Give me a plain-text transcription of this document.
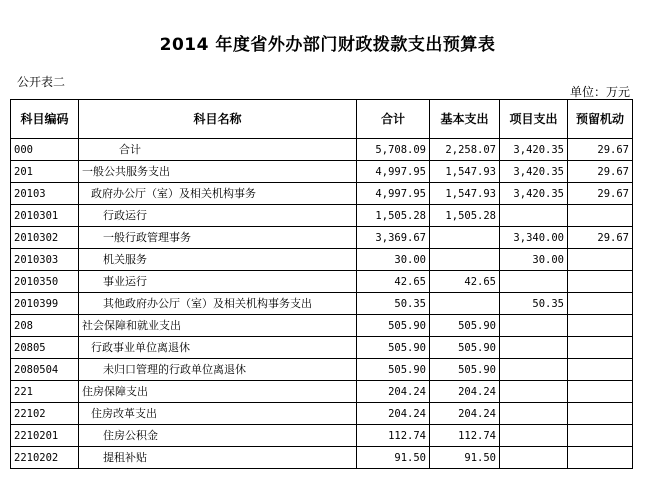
2014 年度省外办部门财政拨款支出预算表
公开表二
单位：万元
科目编码	科目名称	合计	基本支出	项目支出	预留机动
000	合计	5,708.09	2,258.07	3,420.35	29.67
201	一般公共服务支出	4,997.95	1,547.93	3,420.35	29.67
20103	政府办公厅（室）及相关机构事务	4,997.95	1,547.93	3,420.35	29.67
2010301	行政运行	1,505.28	1,505.28		
2010302	一般行政管理事务	3,369.67		3,340.00	29.67
2010303	机关服务	30.00		30.00	
2010350	事业运行	42.65	42.65		
2010399	其他政府办公厅（室）及相关机构事务支出	50.35		50.35	
208	社会保障和就业支出	505.90	505.90		
20805	行政事业单位离退休	505.90	505.90		
2080504	未归口管理的行政单位离退休	505.90	505.90		
221	住房保障支出	204.24	204.24		
22102	住房改革支出	204.24	204.24		
2210201	住房公积金	112.74	112.74		
2210202	提租补贴	91.50	91.50		
